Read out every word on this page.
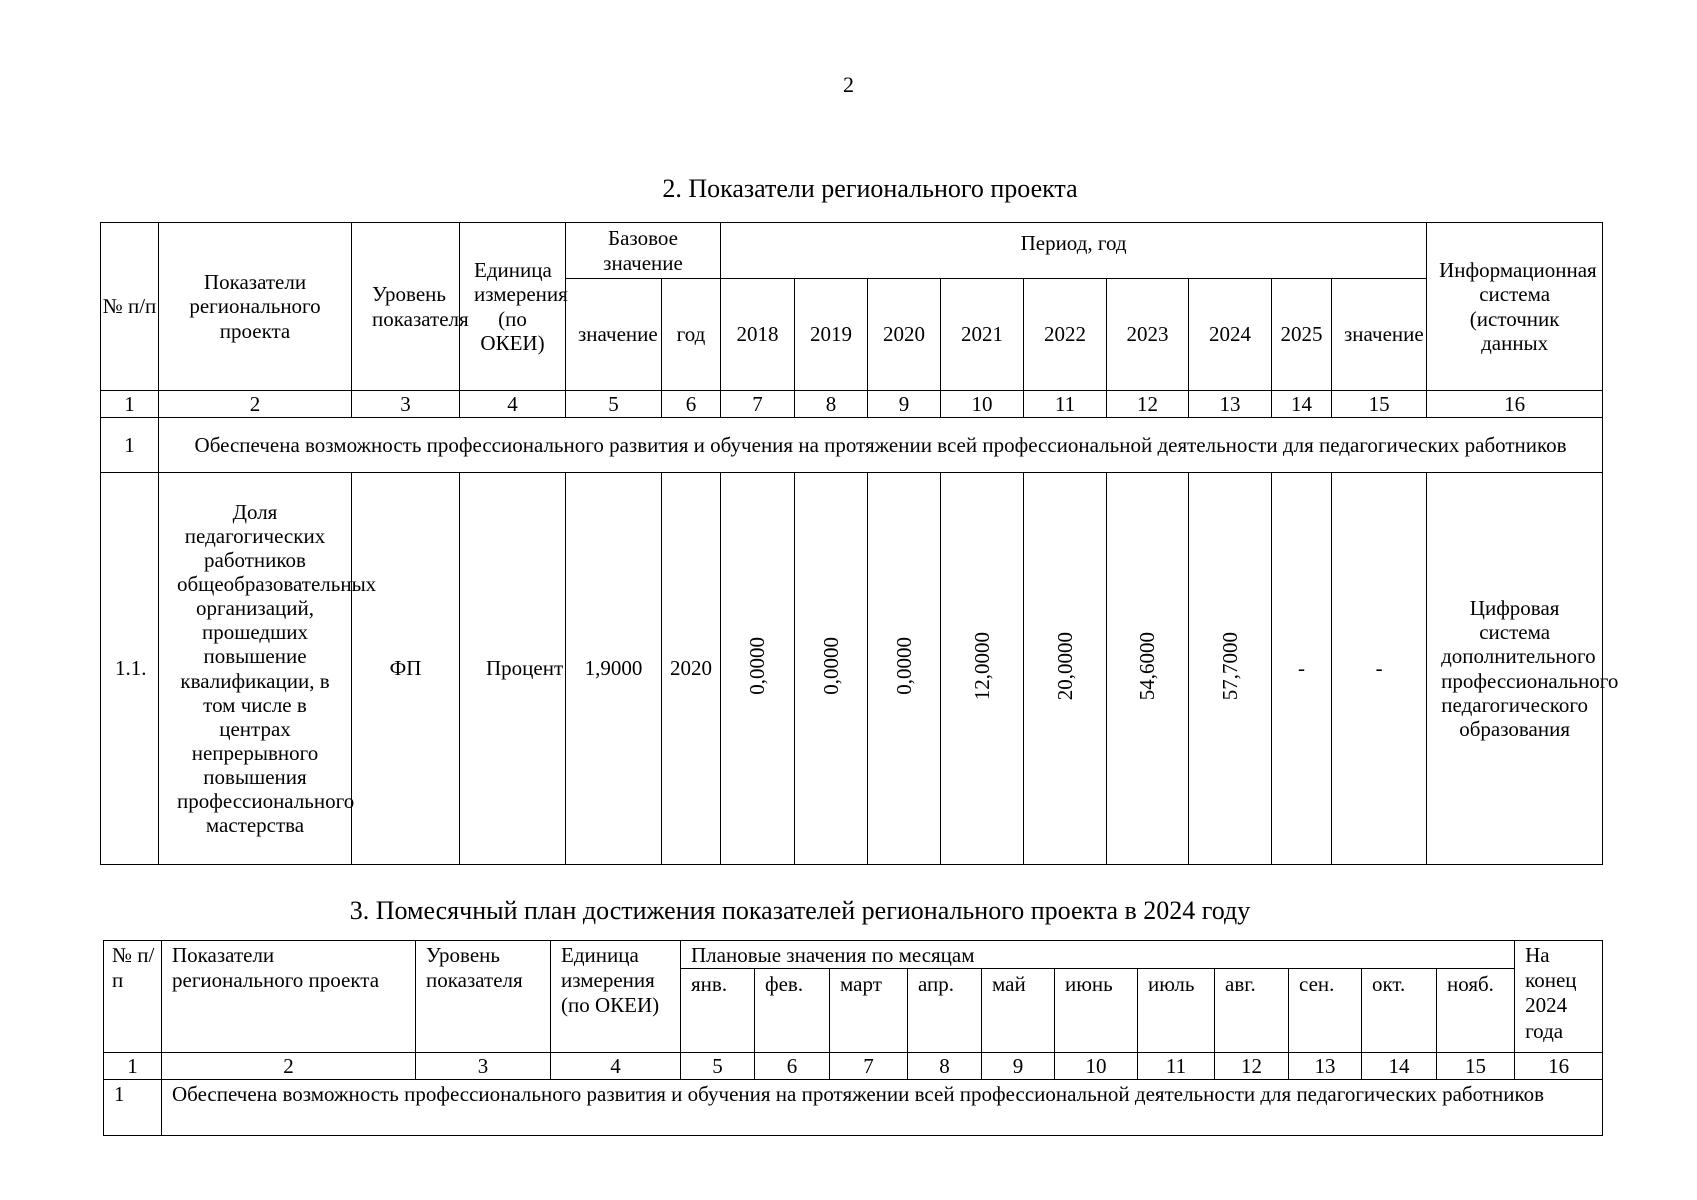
2
2. Показатели регионального проекта
№ п/п	Показатели регионального проекта	Уровень показателя	Единица измерения (по ОКЕИ)	Базовое значение		Период, год									Информационная система (источник данных
				значение	год	2018	2019	2020	2021	2022	2023	2024	2025	значение	
1	2	3	4	5	6	7	8	9	10	11	12	13	14	15	16
1	Обеспечена возможность профессионального развития и обучения на протяжении всей профессиональной деятельности для педагогических работников														
1.1.	Доля педагогических работников общеобразовательных организаций, прошедших повышение квалификации, в том числе в центрах непрерывного повышения профессионального мастерства	ФП	Процент	1,9000	2020	0,0000	0,0000	0,0000	12,0000	20,0000	54,6000	57,7000	-	-	Цифровая система дополнительного профессионального педагогического образования
3. Помесячный план достижения показателей регионального проекта в 2024 году
№ п/п	Показатели регионального проекта	Уровень показателя	Единица измерения (по ОКЕИ)	Плановые значения по месяцам											На конец 2024 года
				янв.	фев.	март	апр.	май	июнь	июль	авг.	сен.	окт.	нояб.	
1	2	3	4	5	6	7	8	9	10	11	12	13	14	15	16
1	Обеспечена возможность профессионального развития и обучения на протяжении всей профессиональной деятельности для педагогических работников														
